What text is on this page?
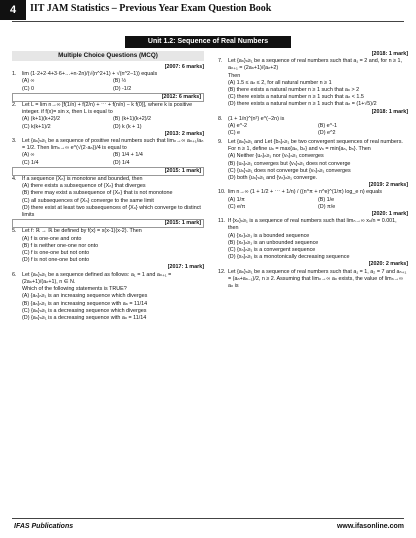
4	IIT JAM Statistics – Previous Year Exam Question Book
Unit 1.2: Sequence of Real Numbers
Multiple Choice Questions (MCQ)
[2007: 6 marks]
1.	lim (1·2+2·4+3·6+…+n·2n)/(√(n^2+1) + √(n^2−1)) equals
(A) ∞	(B) ½
(C) 0	(D) -1/2
[2012: 6 marks]
2.	Let L = lim n→∞ [f(1/n) + f(2/n) + ⋯ + f(n/n) − k f(0)], where k is positive integer. if f(x)= sin x, then L is equal to
(A) (k+1)(k+2)/2	(B) (k+1)(k+2)/2
(C) k(k+1)/2	(D) k (k + 1)
[2013: 2 marks]
3.	Let {aₙ}ₙ≥₁ be a sequence of positive real numbers such that limₙ→∞ aₙ₊₁/aₙ = 1/2. Then limₙ→∞ e^(√(2·aₙ))/4 is equal to
(A) ∞	(B) 1/4 + 1/4
(C) 1/4	(D) 1/4
[2015: 1 mark]
4.	If a sequence {Xₙ} is monotone and bounded, then
(A) there exists a subsequence of {Xₙ} that diverges
(B) there may exist a subsequence of {Xₙ} that is not monotone
(C) all subsequences of {Xₙ} converge to the same limit
(D) there exist at least two subsequences of {Xₙ} which converge to distinct limits
[2015: 1 mark]
5.	Let f: ℝ → ℝ be defined by f(x) = x(x-1)(x-2). Then
(A) f is one-one and onto
(B) f is neither one-one nor onto
(C) f is one-one but not onto
(D) f is not one-one but onto
[2017: 1 mark]
6.	Let {aₙ}ₙ≥₁ be a sequence defined as follows: a₁ = 1 and aₙ₊₁ = (2aₙ+1)/(aₙ+1), n ∈ N.
Which of the following statements is TRUE?
(A) {aₙ}ₙ≥₁ is an increasing sequence which diverges
(B) {aₙ}ₙ≥₁ is an increasing sequence with aₙ = 11/14
(C) {aₙ}ₙ≥₁ is a decreasing sequence which diverges
(D) {aₙ}ₙ≥₁ is a decreasing sequence with aₙ = 11/14
[2018: 1 mark]
7.	Let {aₙ}ₙ≥₁ be a sequence of real numbers such that a₁ = 2 and, for n ≥ 1, aₙ₊₁ = (2aₙ+1)/(aₙ+2)
Then
(A) 1.5 ≤ aₙ ≤ 2, for all natural number n ≥ 1
(B) there exists a natural number n ≥ 1 such that aₙ > 2
(C) there exists a natural number n ≥ 1 such that aₙ < 1.5
(D) there exists a natural number n ≥ 1 such that aₙ = (1+√5)/2
[2018: 1 mark]
8.	(1 + 1/n)^(n²) e^(−2n) is
(A) e^-2	(B) e^-1
(C) e	(D) e^2
9.	Let {aₙ}ₙ≥₁ and Let {bₙ}ₙ≥₁ be two convergent sequences of real numbers. For n ≥ 1, define uₙ = max{aₙ, bₙ} and vₙ = min{aₙ, bₙ}. Then
(A) Neither {uₙ}ₙ≥₁ nor {vₙ}ₙ≥₁ converges
(B) {uₙ}ₙ≥₁ converges but {vₙ}ₙ≥₁ does not converge
(C) {uₙ}ₙ≥₁ does not converge but {vₙ}ₙ≥₁ converges
(D) both {uₙ}ₙ≥₁ and {vₙ}ₙ≥₁ converge.
[2019: 2 marks]
10. lim n→∞ (1 + 1/2 + ⋯ + 1/n) / ((n^π + n^e)^(1/π) log_e n) equals
(A) 1/π	(B) 1/e
(C) e/π	(D) π/e
[2020: 1 mark]
11. If {xₙ}ₙ≥₁ is a sequence of real numbers such that limₙ→∞ xₙ/n = 0.001, then
(A) {xₙ}ₙ≥₁ is a bounded sequence
(B) {xₙ}ₙ≥₁ is an unbounded sequence
(C) {xₙ}ₙ≥₁ is a convergent sequence
(D) {xₙ}ₙ≥₁ is a monotonically decreasing sequence
[2020: 2 marks]
12. Let {aₙ}ₙ≥₁ be a sequence of real numbers such that a₁ = 1, a₂ = 7 and aₙ₊₁ = (aₙ+aₙ₋₁)/2, n ≥ 2. Assuming that limₙ→∞ aₙ exists, the value of limₙ→∞ aₙ is
IFAS Publications	www.ifasonline.com
